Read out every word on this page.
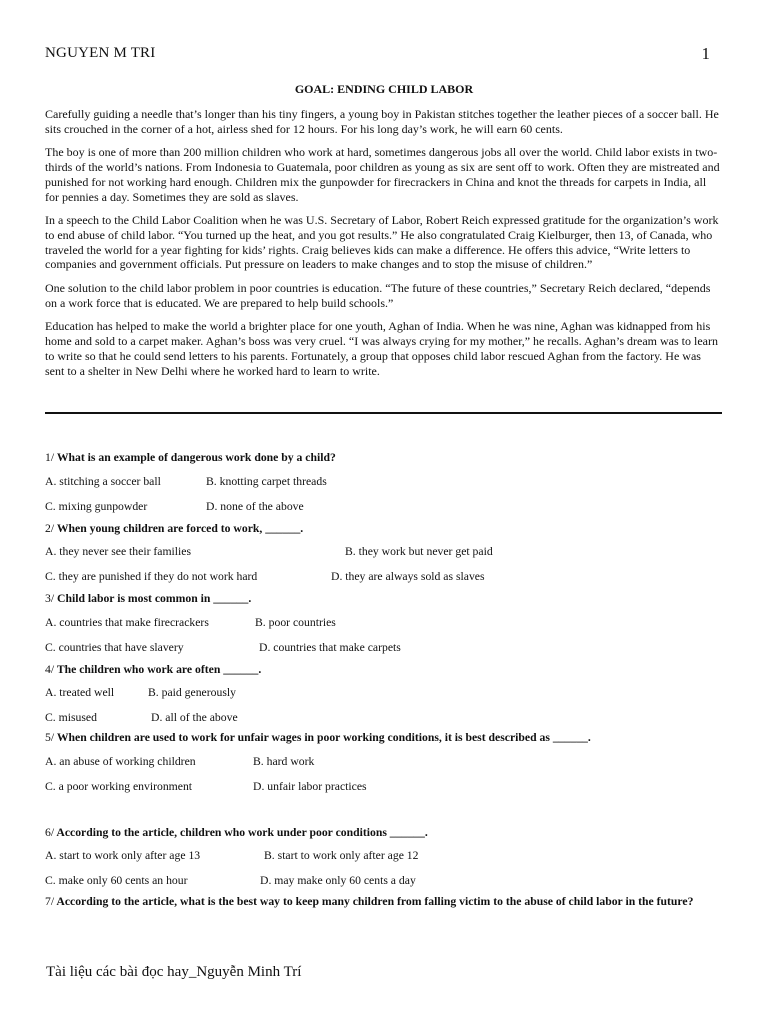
NGUYEN M TRI	1
GOAL: ENDING CHILD LABOR

Carefully guiding a needle that’s longer than his tiny fingers, a young boy in Pakistan stitches together the leather pieces of a soccer ball. He sits crouched in the corner of a hot, airless shed for 12 hours. For his long day’s work, he will earn 60 cents.

The boy is one of more than 200 million children who work at hard, sometimes dangerous jobs all over the world. Child labor exists in two-thirds of the world’s nations. From Indonesia to Guatemala, poor children as young as six are sent off to work. Often they are mistreated and punished for not working hard enough. Children mix the gunpowder for firecrackers in China and knot the threads for carpets in India, all for pennies a day. Sometimes they are sold as slaves.

In a speech to the Child Labor Coalition when he was U.S. Secretary of Labor, Robert Reich expressed gratitude for the organization’s work to end abuse of child labor. “You turned up the heat, and you got results.” He also congratulated Craig Kielburger, then 13, of Canada, who traveled the world for a year fighting for kids’ rights. Craig believes kids can make a difference. He offers this advice, “Write letters to companies and government officials. Put pressure on leaders to make changes and to stop the misuse of children.”

One solution to the child labor problem in poor countries is education. “The future of these countries,” Secretary Reich declared, “depends on a work force that is educated. We are prepared to help build schools.”

Education has helped to make the world a brighter place for one youth, Aghan of India. When he was nine, Aghan was kidnapped from his home and sold to a carpet maker. Aghan’s boss was very cruel. “I was always crying for my mother,” he recalls. Aghan’s dream was to learn to write so that he could send letters to his parents. Fortunately, a group that opposes child labor rescued Aghan from the factory. He was sent to a shelter in New Delhi where he worked hard to learn to write.

1/ What is an example of dangerous work done by a child?

A. stitching a soccer ball	B. knotting carpet threads
C. mixing gunpowder	D. none of the above

2/ When young children are forced to work, ______.

A. they never see their families	B. they work but never get paid
C. they are punished if they do not work hard	D. they are always sold as slaves

3/ Child labor is most common in ______.

A. countries that make firecrackers	B. poor countries
C. countries that have slavery	D. countries that make carpets

4/ The children who work are often ______.

A. treated well	B. paid generously
C. misused	D. all of the above

5/ When children are used to work for unfair wages in poor working conditions, it is best described as ______.

A. an abuse of working children	B. hard work
C. a poor working environment	D. unfair labor practices

6/ According to the article, children who work under poor conditions ______.

A. start to work only after age 13	B. start to work only after age 12
C. make only 60 cents an hour	D. may make only 60 cents a day

7/ According to the article, what is the best way to keep many children from falling victim to the abuse of child labor in the future?

Tài liệu các bài đọc hay_Nguyễn Minh Trí
